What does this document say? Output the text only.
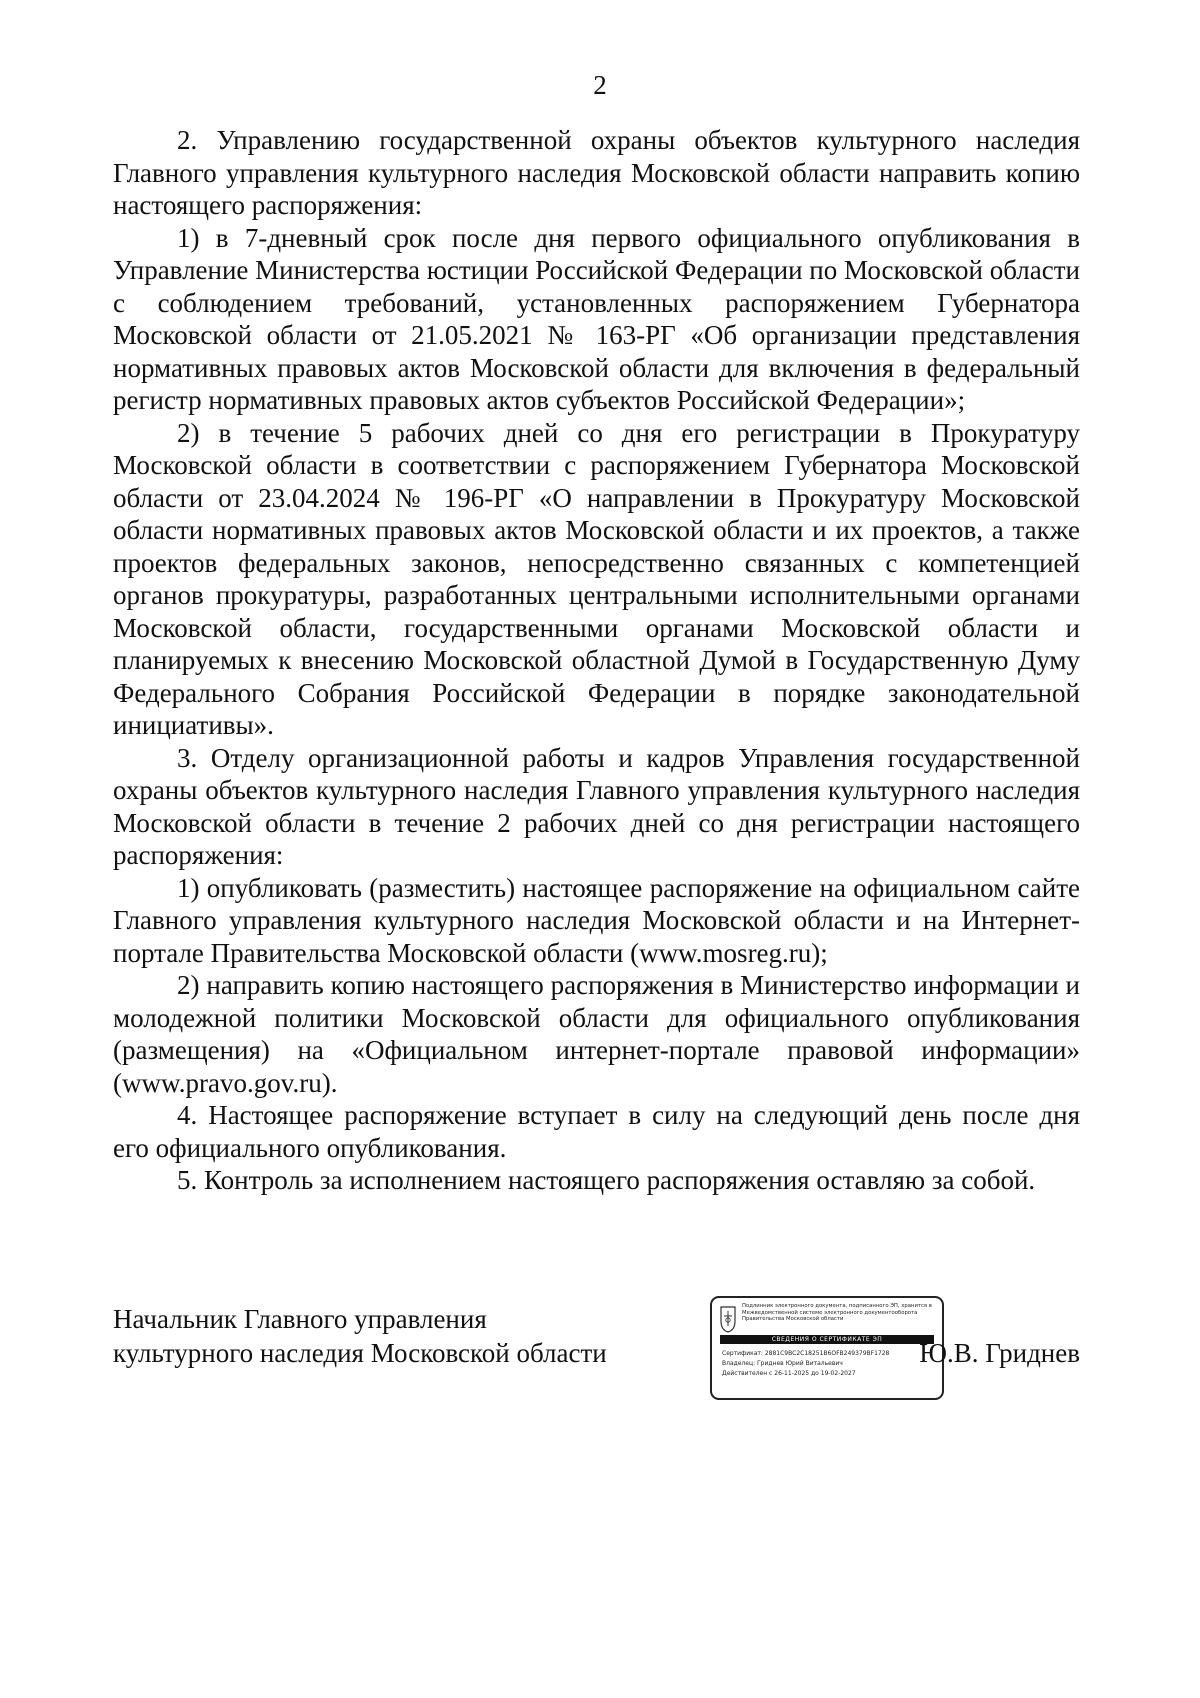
2

2. Управлению государственной охраны объектов культурного наследия Главного управления культурного наследия Московской области направить копию настоящего распоряжения:

1) в 7-дневный срок после дня первого официального опубликования в Управление Министерства юстиции Российской Федерации по Московской области с соблюдением требований, установленных распоряжением Губернатора Московской области от 21.05.2021 № 163-РГ «Об организации представления нормативных правовых актов Московской области для включения в федеральный регистр нормативных правовых актов субъектов Российской Федерации»;

2) в течение 5 рабочих дней со дня его регистрации в Прокуратуру Московской области в соответствии с распоряжением Губернатора Московской области от 23.04.2024 № 196-РГ «О направлении в Прокуратуру Московской области нормативных правовых актов Московской области и их проектов, а также проектов федеральных законов, непосредственно связанных с компетенцией органов прокуратуры, разработанных центральными исполнительными органами Московской области, государственными органами Московской области и планируемых к внесению Московской областной Думой в Государственную Думу Федерального Собрания Российской Федерации в порядке законодательной инициативы».

3. Отделу организационной работы и кадров Управления государственной охраны объектов культурного наследия Главного управления культурного наследия Московской области в течение 2 рабочих дней со дня регистрации настоящего распоряжения:

1) опубликовать (разместить) настоящее распоряжение на официальном сайте Главного управления культурного наследия Московской области и на Интернет-портале Правительства Московской области (www.mosreg.ru);

2) направить копию настоящего распоряжения в Министерство информации и молодежной политики Московской области для официального опубликования (размещения) на «Официальном интернет-портале правовой информации» (www.pravo.gov.ru).

4. Настоящее распоряжение вступает в силу на следующий день после дня его официального опубликования.

5. Контроль за исполнением настоящего распоряжения оставляю за собой.

Начальник Главного управления
культурного наследия Московской области
Подлинник электронного документа, подписанного ЭП, хранится в Межведомственной системе электронного документооборота Правительства Московской области
СВЕДЕНИЯ О СЕРТИФИКАТЕ ЭП
Сертификат: 2881C9BC2C18251B6OFB249379BF1728
Владелец: Гриднев Юрий Витальевич
Действителен с 26-11-2025 до 19-02-2027
Ю.В. Гриднев
